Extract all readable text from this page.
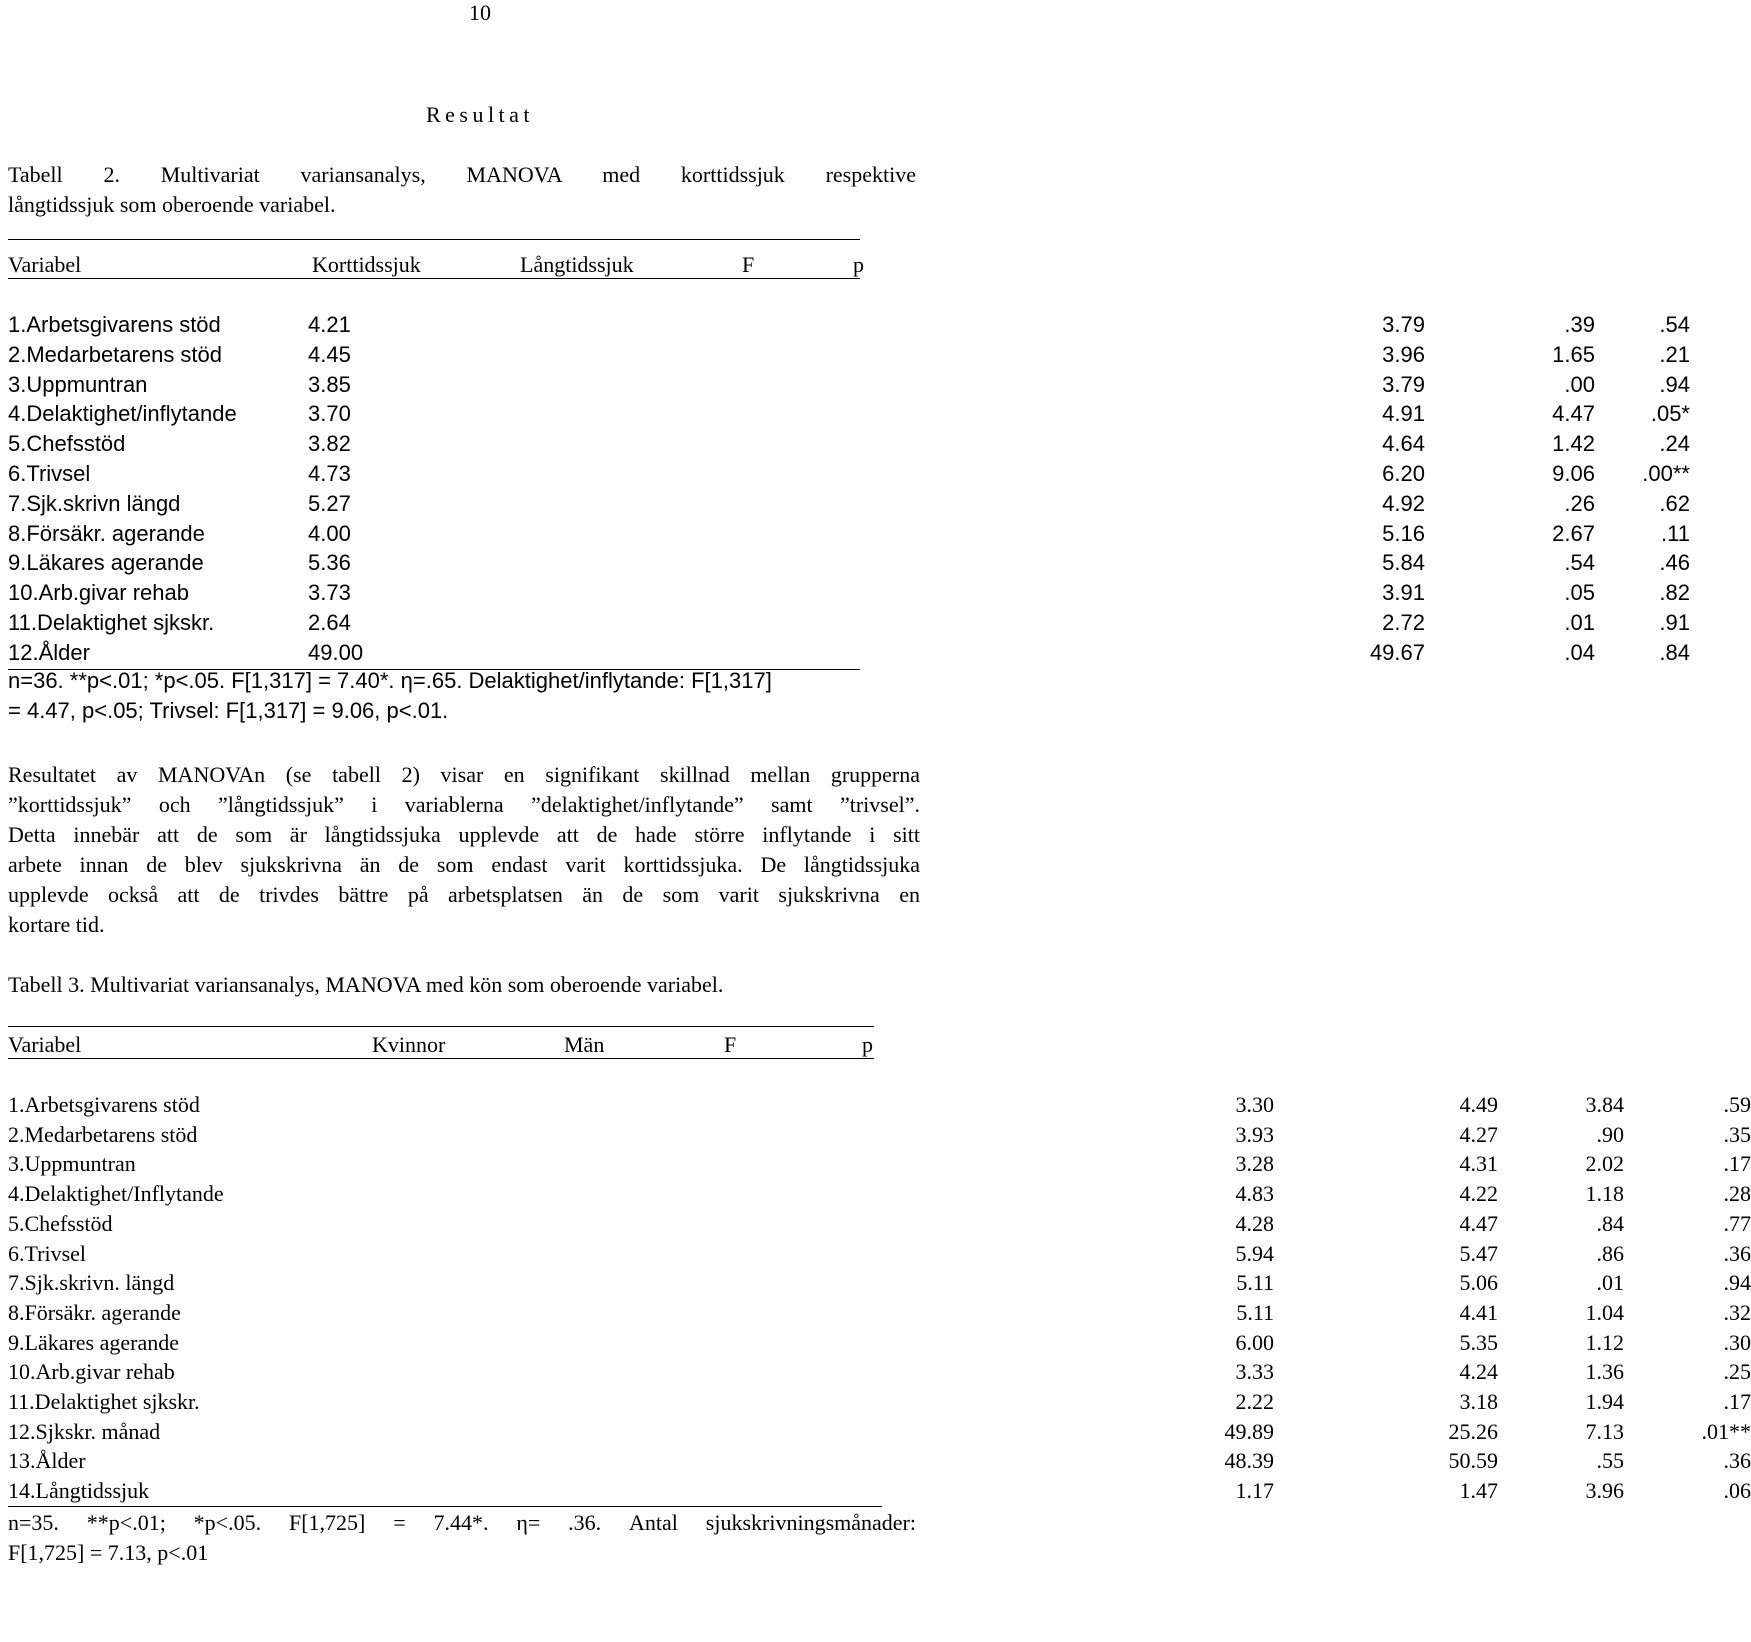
10
Resultat
Tabell 2. Multivariat variansanalys, MANOVA med korttidssjuk respektive
långtidssjuk som oberoende variabel.
Variabel	Korttidssjuk	Långtidssjuk	F	p
1.Arbetsgivarens stöd	4.21	3.79	.39	.54
2.Medarbetarens stöd	4.45	3.96	1.65	.21
3.Uppmuntran	3.85	3.79	.00	.94
4.Delaktighet/inflytande	3.70	4.91	4.47	.05*
5.Chefsstöd	3.82	4.64	1.42	.24
6.Trivsel	4.73	6.20	9.06 .00**
7.Sjk.skrivn längd	5.27	4.92	.26	.62
8.Försäkr. agerande	4.00	5.16	2.67	.11
9.Läkares agerande	5.36	5.84	.54	.46
10.Arb.givar rehab	3.73	3.91	.05	.82
11.Delaktighet sjkskr.	2.64	2.72	.01	.91
12.Ålder	49.00	49.67	.04	.84
n=36. **p<.01; *p<.05. F[1,317] = 7.40*. η=.65. Delaktighet/inflytande: F[1,317]
= 4.47, p<.05; Trivsel: F[1,317] = 9.06, p<.01.
Resultatet av MANOVAn (se tabell 2) visar en signifikant skillnad mellan grupperna
”korttidssjuk” och ”långtidssjuk” i variablerna ”delaktighet/inflytande” samt ”trivsel”.
Detta innebär att de som är långtidssjuka upplevde att de hade större inflytande i sitt
arbete innan de blev sjukskrivna än de som endast varit korttidssjuka. De långtidssjuka
upplevde också att de trivdes bättre på arbetsplatsen än de som varit sjukskrivna en
kortare tid.
Tabell 3. Multivariat variansanalys, MANOVA med kön som oberoende variabel.
Variabel	Kvinnor	Män	F	p
1.Arbetsgivarens stöd	3.30	4.49	3.84	.59
2.Medarbetarens stöd	3.93	4.27	.90	.35
3.Uppmuntran	3.28	4.31	2.02	.17
4.Delaktighet/Inflytande	4.83	4.22	1.18	.28
5.Chefsstöd	4.28	4.47	.84	.77
6.Trivsel	5.94	5.47	.86	.36
7.Sjk.skrivn. längd	5.11	5.06	.01	.94
8.Försäkr. agerande	5.11	4.41	1.04	.32
9.Läkares agerande	6.00	5.35	1.12	.30
10.Arb.givar rehab	3.33	4.24	1.36	.25
11.Delaktighet sjkskr.	2.22	3.18	1.94	.17
12.Sjkskr. månad	49.89	25.26	7.13	.01**
13.Ålder	48.39	50.59	.55	.36
14.Långtidssjuk	1.17	1.47	3.96	.06
n=35. **p<.01; *p<.05. F[1,725] = 7.44*. η= .36. Antal sjukskrivningsmånader:
F[1,725] = 7.13, p<.01
